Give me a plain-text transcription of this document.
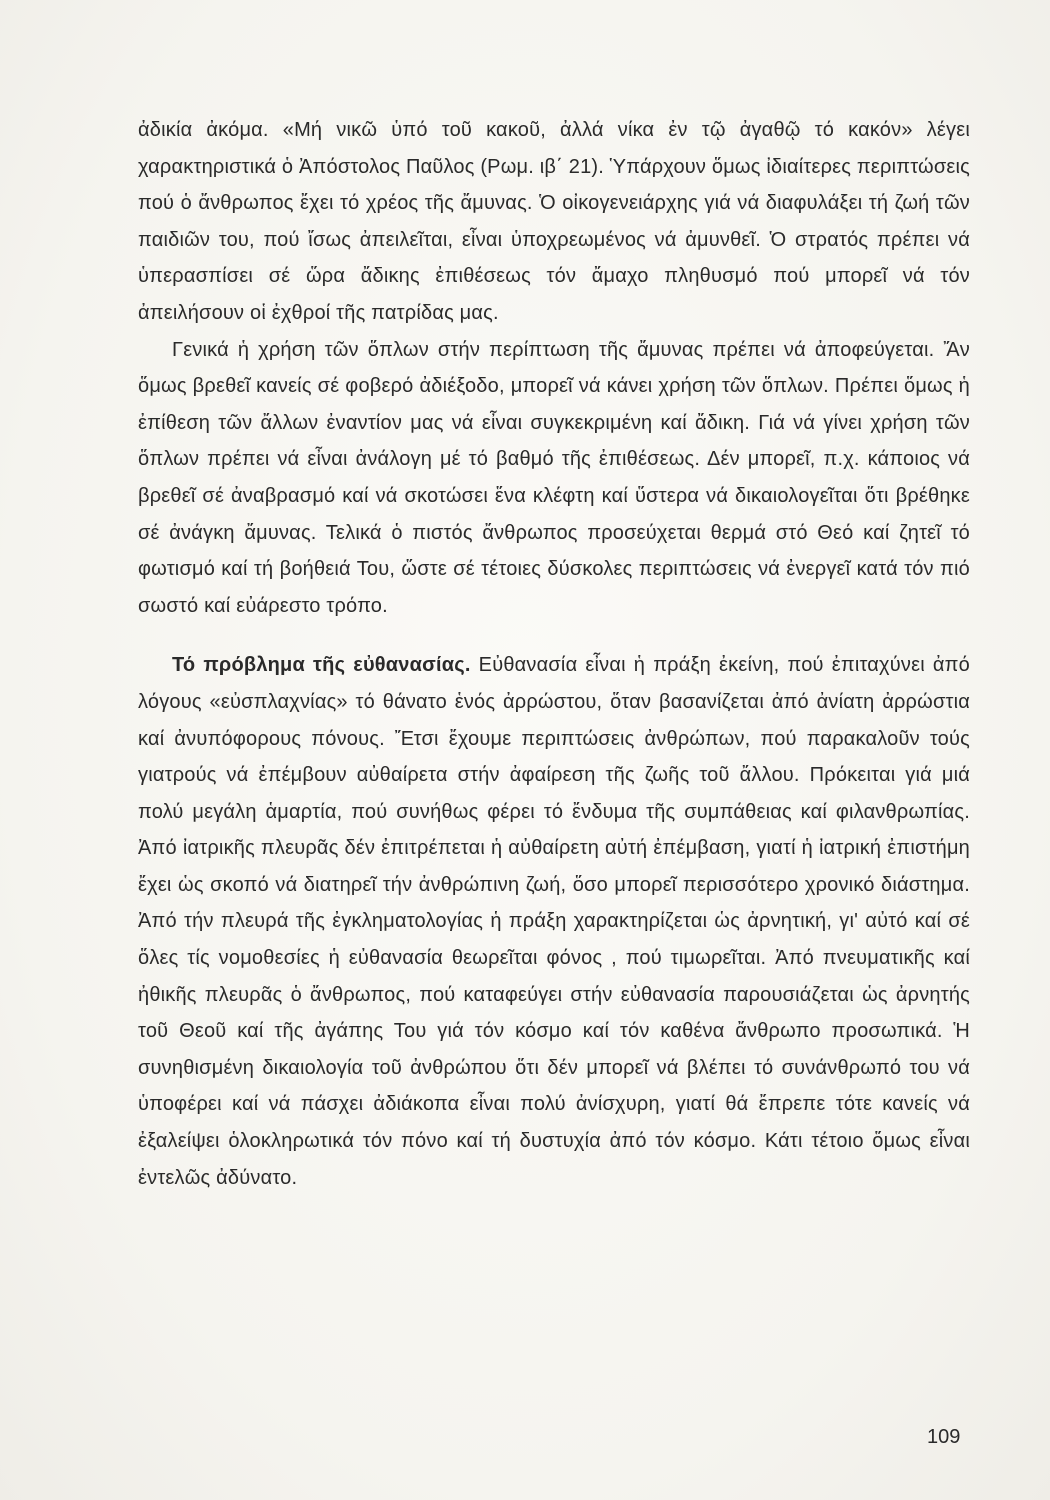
ἀδικία ἀκόμα. «Μή νικῶ ὑπό τοῦ κακοῦ, ἀλλά νίκα ἐν τῷ ἀγαθῷ τό κακόν» λέγει χαρακτηριστικά ὁ Ἀπόστολος Παῦλος (Ρωμ. ιβ΄ 21). Ὑπάρχουν ὅμως ἰδιαίτερες περιπτώσεις πού ὁ ἄνθρωπος ἔχει τό χρέος τῆς ἄμυνας. Ὁ οἰκογενειάρχης γιά νά διαφυλάξει τή ζωή τῶν παιδιῶν του, πού ἴσως ἀπειλεῖται, εἶναι ὑποχρεωμένος νά ἀμυνθεῖ. Ὁ στρατός πρέπει νά ὑπερασπίσει σέ ὥρα ἄδικης ἐπιθέσεως τόν ἄμαχο πληθυσμό πού μπορεῖ νά τόν ἀπειλήσουν οἱ ἐχθροί τῆς πατρίδας μας.

Γενικά ἡ χρήση τῶν ὅπλων στήν περίπτωση τῆς ἄμυνας πρέπει νά ἀποφεύγεται. Ἄν ὅμως βρεθεῖ κανείς σέ φοβερό ἀδιέξοδο, μπορεῖ νά κάνει χρήση τῶν ὅπλων. Πρέπει ὅμως ἡ ἐπίθεση τῶν ἄλλων ἐναντίον μας νά εἶναι συγκεκριμένη καί ἄδικη. Γιά νά γίνει χρήση τῶν ὅπλων πρέπει νά εἶναι ἀνάλογη μέ τό βαθμό τῆς ἐπιθέσεως. Δέν μπορεῖ, π.χ. κάποιος νά βρεθεῖ σέ ἀναβρασμό καί νά σκοτώσει ἕνα κλέφτη καί ὕστερα νά δικαιολογεῖται ὅτι βρέθηκε σέ ἀνάγκη ἄμυνας. Τελικά ὁ πιστός ἄνθρωπος προσεύχεται θερμά στό Θεό καί ζητεῖ τό φωτισμό καί τή βοήθειά Του, ὥστε σέ τέτοιες δύσκολες περιπτώσεις νά ἐνεργεῖ κατά τόν πιό σωστό καί εὐάρεστο τρόπο.

Τό πρόβλημα τῆς εὐθανασίας. Εὐθανασία εἶναι ἡ πράξη ἐκείνη, πού ἐπιταχύνει ἀπό λόγους «εὐσπλαχνίας» τό θάνατο ἑνός ἀρρώστου, ὅταν βασανίζεται ἀπό ἀνίατη ἀρρώστια καί ἀνυπόφορους πόνους. Ἔτσι ἔχουμε περιπτώσεις ἀνθρώπων, πού παρακαλοῦν τούς γιατρούς νά ἐπέμβουν αὐθαίρετα στήν ἀφαίρεση τῆς ζωῆς τοῦ ἄλλου. Πρόκειται γιά μιά πολύ μεγάλη ἁμαρτία, πού συνήθως φέρει τό ἔνδυμα τῆς συμπάθειας καί φιλανθρωπίας. Ἀπό ἰατρικῆς πλευρᾶς δέν ἐπιτρέπεται ἡ αὐθαίρετη αὐτή ἐπέμβαση, γιατί ἡ ἰατρική ἐπιστήμη ἔχει ὡς σκοπό νά διατηρεῖ τήν ἀνθρώπινη ζωή, ὅσο μπορεῖ περισσότερο χρονικό διάστημα. Ἀπό τήν πλευρά τῆς ἐγκληματολογίας ἡ πράξη χαρακτηρίζεται ὡς ἀρνητική, γι' αὐτό καί σέ ὅλες τίς νομοθεσίες ἡ εὐθανασία θεωρεῖται φόνος , πού τιμωρεῖται. Ἀπό πνευματικῆς καί ἠθικῆς πλευρᾶς ὁ ἄνθρωπος, πού καταφεύγει στήν εὐθανασία παρουσιάζεται ὡς ἀρνητής τοῦ Θεοῦ καί τῆς ἀγάπης Του γιά τόν κόσμο καί τόν καθένα ἄνθρωπο προσωπικά. Ἡ συνηθισμένη δικαιολογία τοῦ ἀνθρώπου ὅτι δέν μπορεῖ νά βλέπει τό συνάνθρωπό του νά ὑποφέρει καί νά πάσχει ἀδιάκοπα εἶναι πολύ ἀνίσχυρη, γιατί θά ἔπρεπε τότε κανείς νά ἐξαλείψει ὁλοκληρωτικά τόν πόνο καί τή δυστυχία ἀπό τόν κόσμο. Κάτι τέτοιο ὅμως εἶναι ἐντελῶς ἀδύνατο.

109
